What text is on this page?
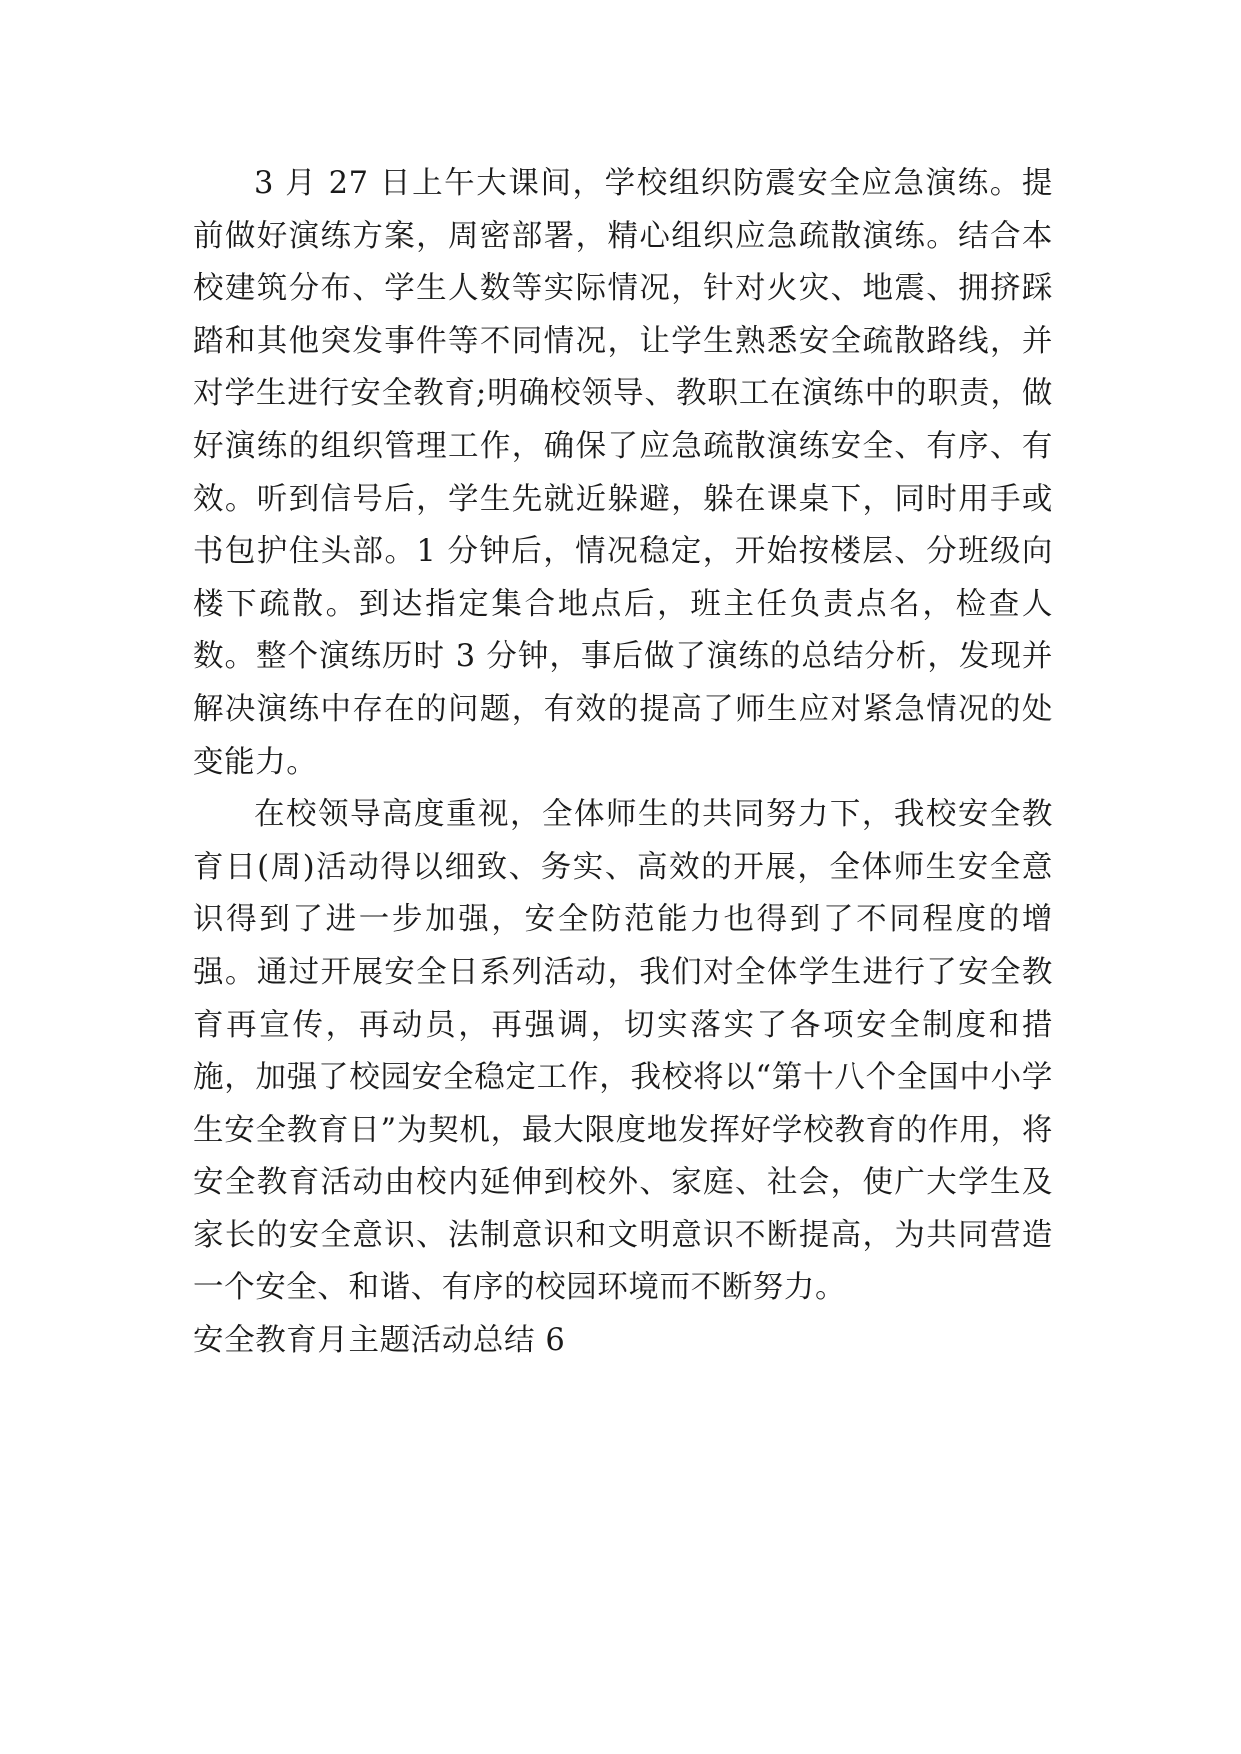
3 月 27 日上午大课间，学校组织防震安全应急演练。提前做好演练方案，周密部署，精心组织应急疏散演练。结合本校建筑分布、学生人数等实际情况，针对火灾、地震、拥挤踩踏和其他突发事件等不同情况，让学生熟悉安全疏散路线，并对学生进行安全教育;明确校领导、教职工在演练中的职责，做好演练的组织管理工作，确保了应急疏散演练安全、有序、有效。听到信号后，学生先就近躲避，躲在课桌下，同时用手或书包护住头部。1 分钟后，情况稳定，开始按楼层、分班级向楼下疏散。到达指定集合地点后，班主任负责点名，检查人数。整个演练历时 3 分钟，事后做了演练的总结分析，发现并解决演练中存在的问题，有效的提高了师生应对紧急情况的处变能力。

在校领导高度重视，全体师生的共同努力下，我校安全教育日(周)活动得以细致、务实、高效的开展，全体师生安全意识得到了进一步加强，安全防范能力也得到了不同程度的增强。通过开展安全日系列活动，我们对全体学生进行了安全教育再宣传，再动员，再强调，切实落实了各项安全制度和措施，加强了校园安全稳定工作，我校将以“第十八个全国中小学生安全教育日”为契机，最大限度地发挥好学校教育的作用，将安全教育活动由校内延伸到校外、家庭、社会，使广大学生及家长的安全意识、法制意识和文明意识不断提高，为共同营造一个安全、和谐、有序的校园环境而不断努力。

安全教育月主题活动总结 6
